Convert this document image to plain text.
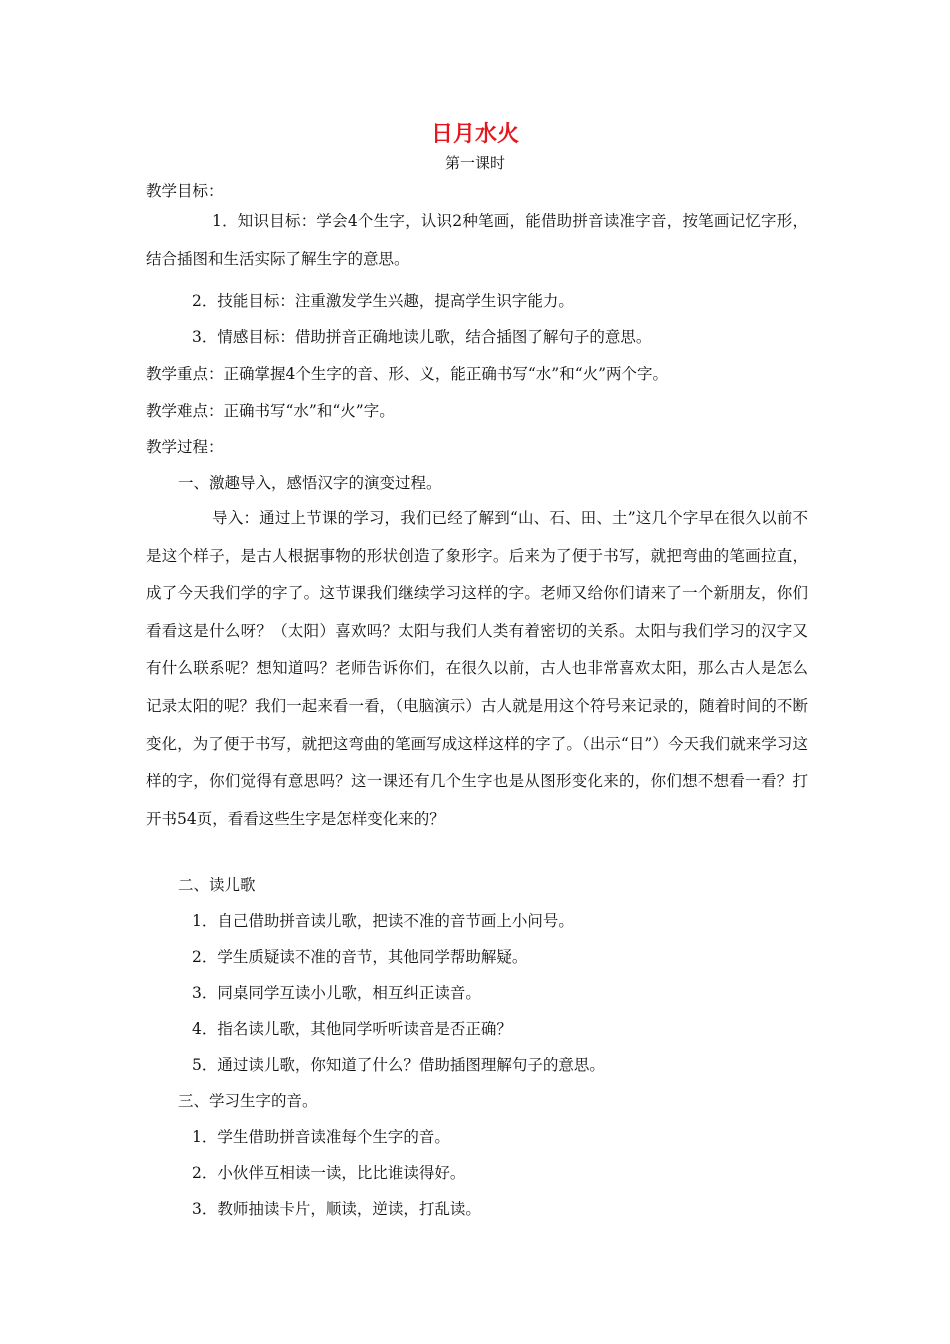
日月水火
第一课时
教学目标：
1．知识目标：学会4个生字，认识2种笔画，能借助拼音读准字音，按笔画记忆字形，结合插图和生活实际了解生字的意思。
2．技能目标：注重激发学生兴趣，提高学生识字能力。
3．情感目标：借助拼音正确地读儿歌，结合插图了解句子的意思。
教学重点：正确掌握4个生字的音、形、义，能正确书写“水”和“火”两个字。
教学难点：正确书写“水”和“火”字。
教学过程：
一、激趣导入，感悟汉字的演变过程。
导入：通过上节课的学习，我们已经了解到“山、石、田、土”这几个字早在很久以前不是这个样子，是古人根据事物的形状创造了象形字。后来为了便于书写，就把弯曲的笔画拉直，成了今天我们学的字了。这节课我们继续学习这样的字。老师又给你们请来了一个新朋友，你们看看这是什么呀？（太阳）喜欢吗？太阳与我们人类有着密切的关系。太阳与我们学习的汉字又有什么联系呢？想知道吗？老师告诉你们，在很久以前，古人也非常喜欢太阳，那么古人是怎么记录太阳的呢？我们一起来看一看，（电脑演示）古人就是用这个符号来记录的，随着时间的不断变化，为了便于书写，就把这弯曲的笔画写成这样这样的字了。（出示“日”）今天我们就来学习这样的字，你们觉得有意思吗？这一课还有几个生字也是从图形变化来的，你们想不想看一看？打开书54页，看看这些生字是怎样变化来的？
二、读儿歌
1．自己借助拼音读儿歌，把读不准的音节画上小问号。
2．学生质疑读不准的音节，其他同学帮助解疑。
3．同桌同学互读小儿歌，相互纠正读音。
4．指名读儿歌，其他同学听听读音是否正确？
5．通过读儿歌，你知道了什么？借助插图理解句子的意思。
三、学习生字的音。
1．学生借助拼音读准每个生字的音。
2．小伙伴互相读一读，比比谁读得好。
3．教师抽读卡片，顺读，逆读，打乱读。
